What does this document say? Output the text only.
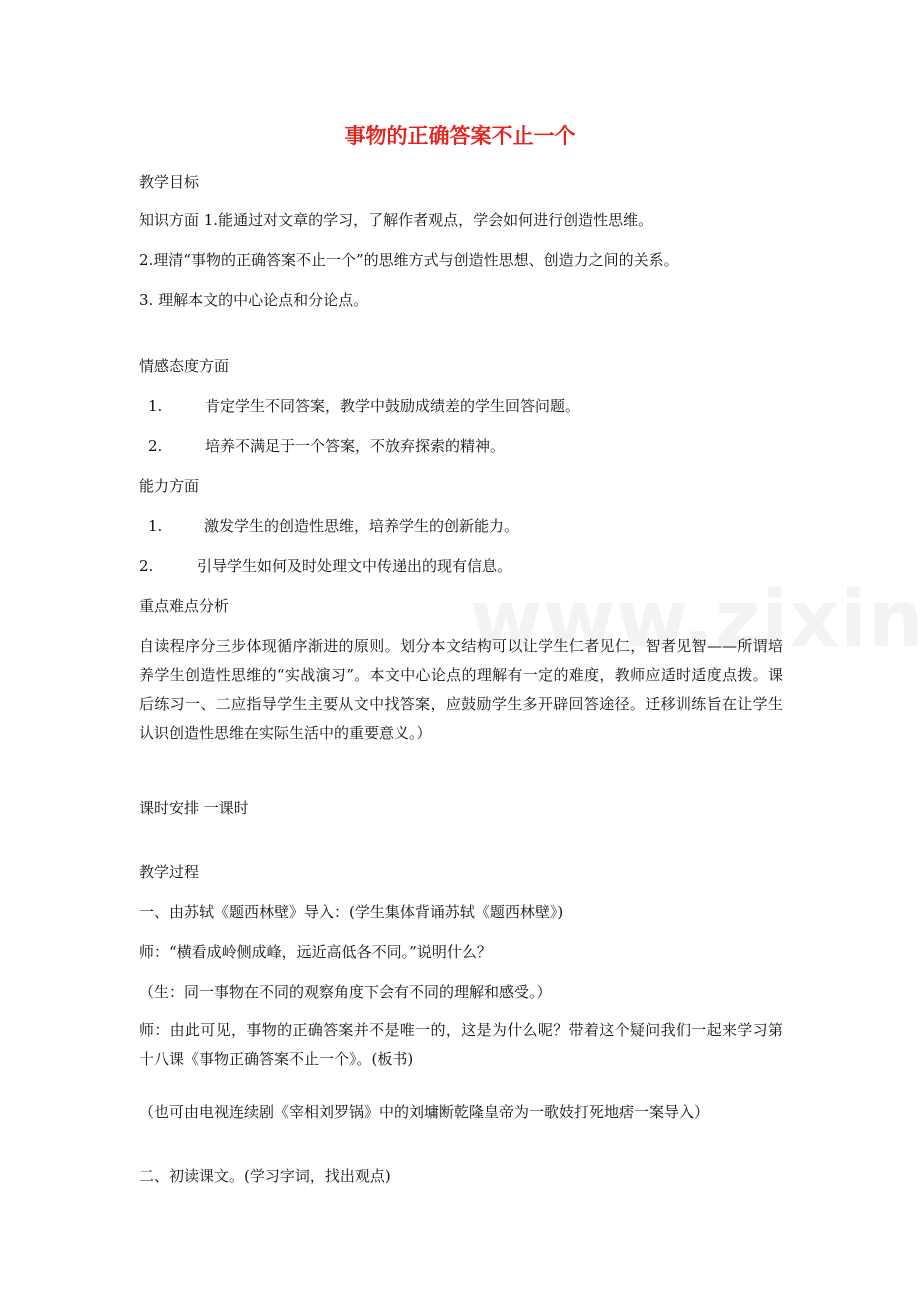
事物的正确答案不止一个
教学目标
知识方面 1.能通过对文章的学习，了解作者观点，学会如何进行创造性思维。
2.理清“事物的正确答案不止一个”的思维方式与创造性思想、创造力之间的关系。
3. 理解本文的中心论点和分论点。
情感态度方面
1.	肯定学生不同答案，教学中鼓励成绩差的学生回答问题。
2.	培养不满足于一个答案，不放弃探索的精神。
能力方面
1.	激发学生的创造性思维，培养学生的创新能力。
2.	引导学生如何及时处理文中传递出的现有信息。
重点难点分析
自读程序分三步体现循序渐进的原则。划分本文结构可以让学生仁者见仁，智者见智——所谓培养学生创造性思维的“实战演习”。本文中心论点的理解有一定的难度，教师应适时适度点拨。课后练习一、二应指导学生主要从文中找答案，应鼓励学生多开辟回答途径。迁移训练旨在让学生认识创造性思维在实际生活中的重要意义。）
课时安排 一课时
教学过程
一、由苏轼《题西林壁》导入：(学生集体背诵苏轼《题西林壁》)
师：“横看成岭侧成峰，远近高低各不同。”说明什么？
（生：同一事物在不同的观察角度下会有不同的理解和感受。）
师：由此可见，事物的正确答案并不是唯一的，这是为什么呢？带着这个疑问我们一起来学习第十八课《事物正确答案不止一个》。(板书)
（也可由电视连续剧《宰相刘罗锅》中的刘墉断乾隆皇帝为一歌妓打死地痞一案导入）
二、初读课文。(学习字词，找出观点)
